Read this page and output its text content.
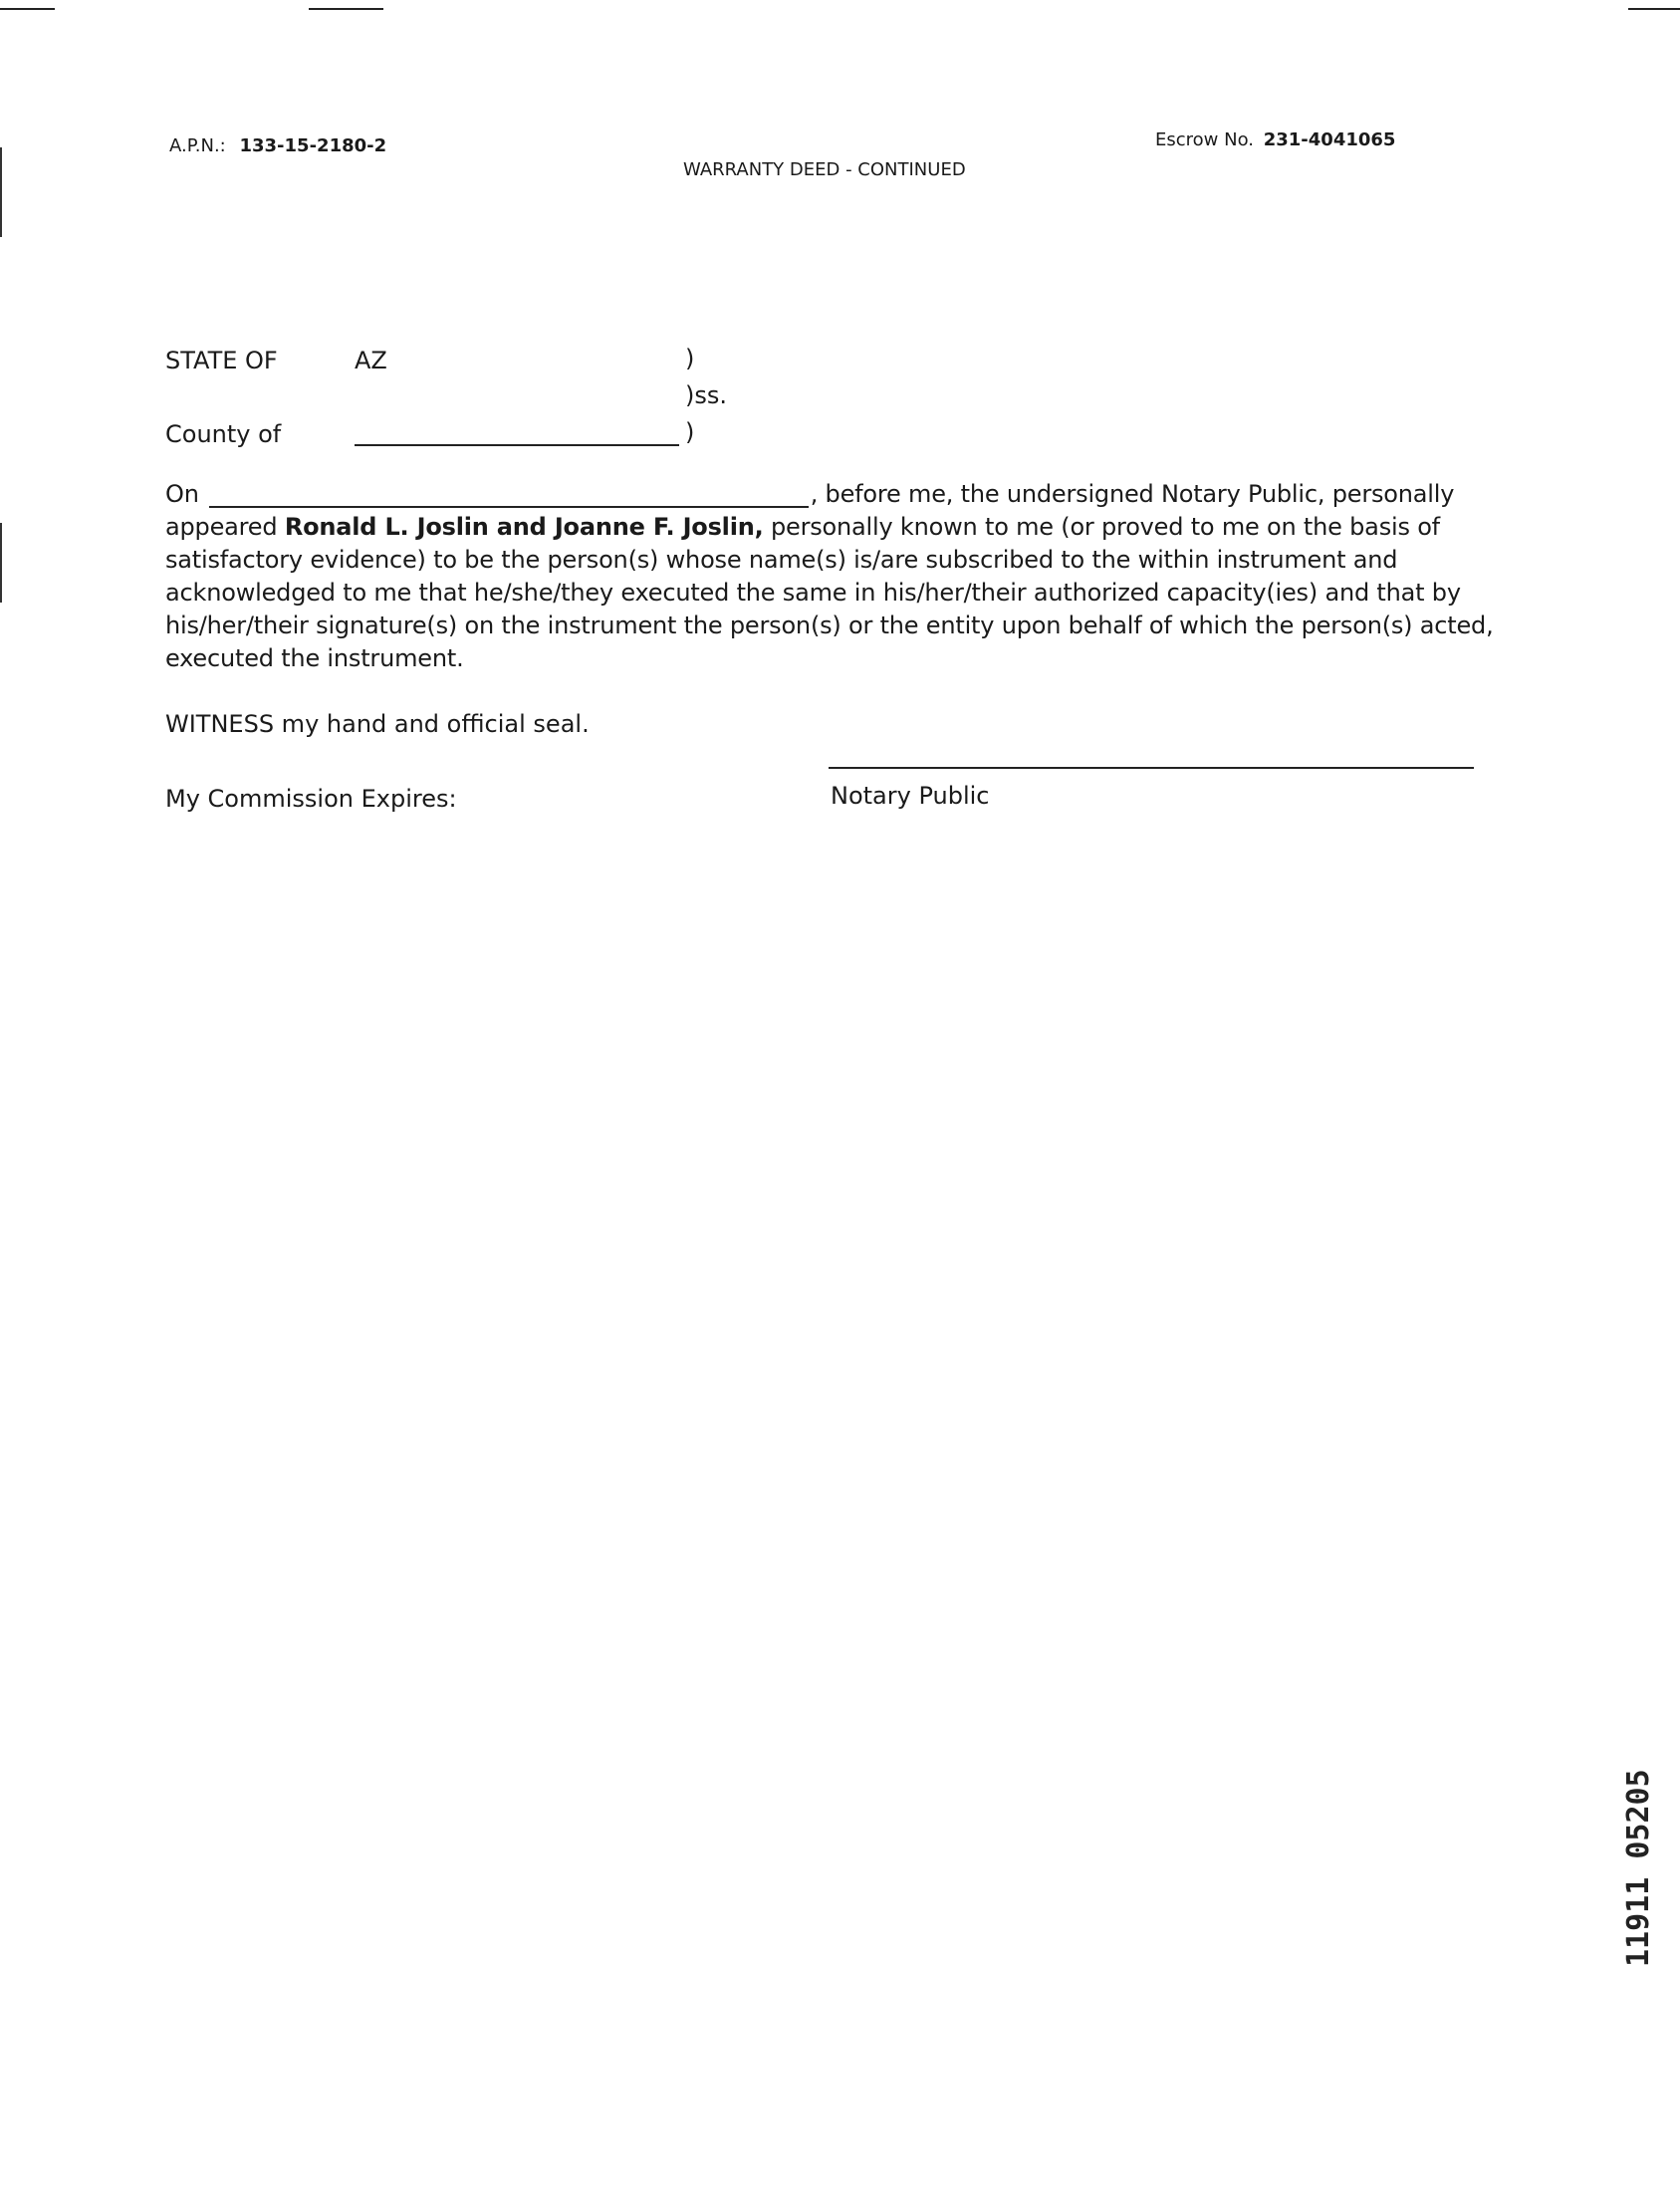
A.P.N.: 133-15-2180-2	Escrow No. 231-4041065
WARRANTY DEED - CONTINUED
STATE OF	AZ	)
)ss.
County of	)
On	, before me, the undersigned Notary Public, personally
appeared Ronald L. Joslin and Joanne F. Joslin, personally known to me (or proved to me on the basis of
satisfactory evidence) to be the person(s) whose name(s) is/are subscribed to the within instrument and
acknowledged to me that he/she/they executed the same in his/her/their authorized capacity(ies) and that by
his/her/their signature(s) on the instrument the person(s) or the entity upon behalf of which the person(s) acted,
executed the instrument.
WITNESS my hand and official seal.
My Commission Expires:	Notary Public
11911 05205
